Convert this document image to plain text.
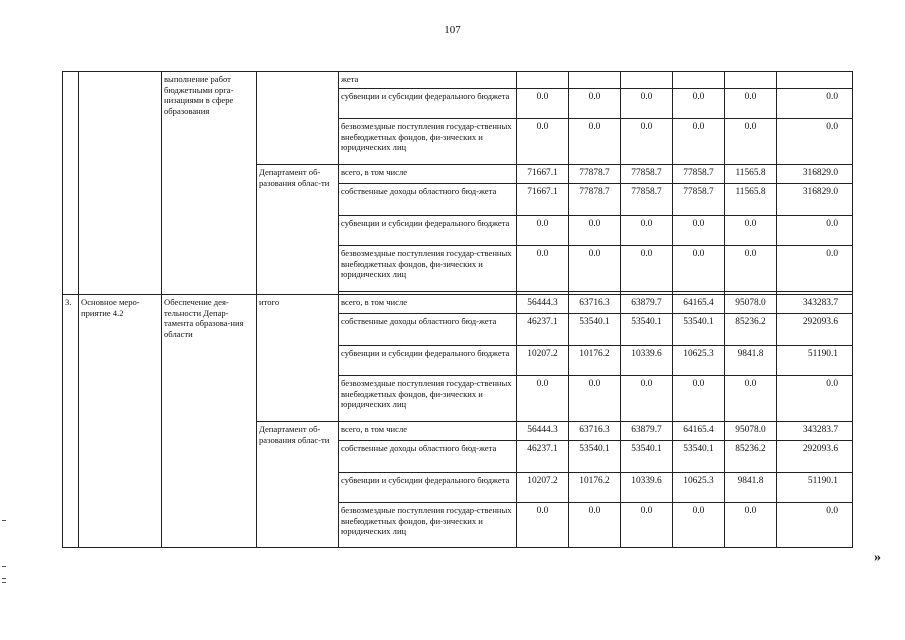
107
		выполнение работ бюджетными орга-низациями в сфере образования		жета						
				субвенции и субсидии федерального бюджета	0.0	0.0	0.0	0.0	0.0	0.0
				безвозмездные поступления государ-ственных внебюджетных фондов, фи-зических и юридических лиц	0.0	0.0	0.0	0.0	0.0	0.0
			Департамент об-разования облас-ти	всего, в том числе	71667.1	77878.7	77858.7	77858.7	11565.8	316829.0
				собственные доходы областного бюд-жета	71667.1	77878.7	77858.7	77858.7	11565.8	316829.0
				субвенции и субсидии федерального бюджета	0.0	0.0	0.0	0.0	0.0	0.0
				безвозмездные поступления государ-ственных внебюджетных фондов, фи-зических и юридических лиц	0.0	0.0	0.0	0.0	0.0	0.0

3.	Основное меро-приятие 4.2	Обеспечение дея-тельности Депар-тамента образова-ния области	итого	всего, в том числе	56444.3	63716.3	63879.7	64165.4	95078.0	343283.7
				собственные доходы областного бюд-жета	46237.1	53540.1	53540.1	53540.1	85236.2	292093.6
				субвенции и субсидии федерального бюджета	10207.2	10176.2	10339.6	10625.3	9841.8	51190.1
				безвозмездные поступления государ-ственных внебюджетных фондов, фи-зических и юридических лиц	0.0	0.0	0.0	0.0	0.0	0.0
			Департамент об-разования облас-ти	всего, в том числе	56444.3	63716.3	63879.7	64165.4	95078.0	343283.7
				собственные доходы областного бюд-жета	46237.1	53540.1	53540.1	53540.1	85236.2	292093.6
				субвенции и субсидии федерального бюджета	10207.2	10176.2	10339.6	10625.3	9841.8	51190.1
				безвозмездные поступления государ-ственных внебюджетных фондов, фи-зических и юридических лиц	0.0	0.0	0.0	0.0	0.0	0.0
»
